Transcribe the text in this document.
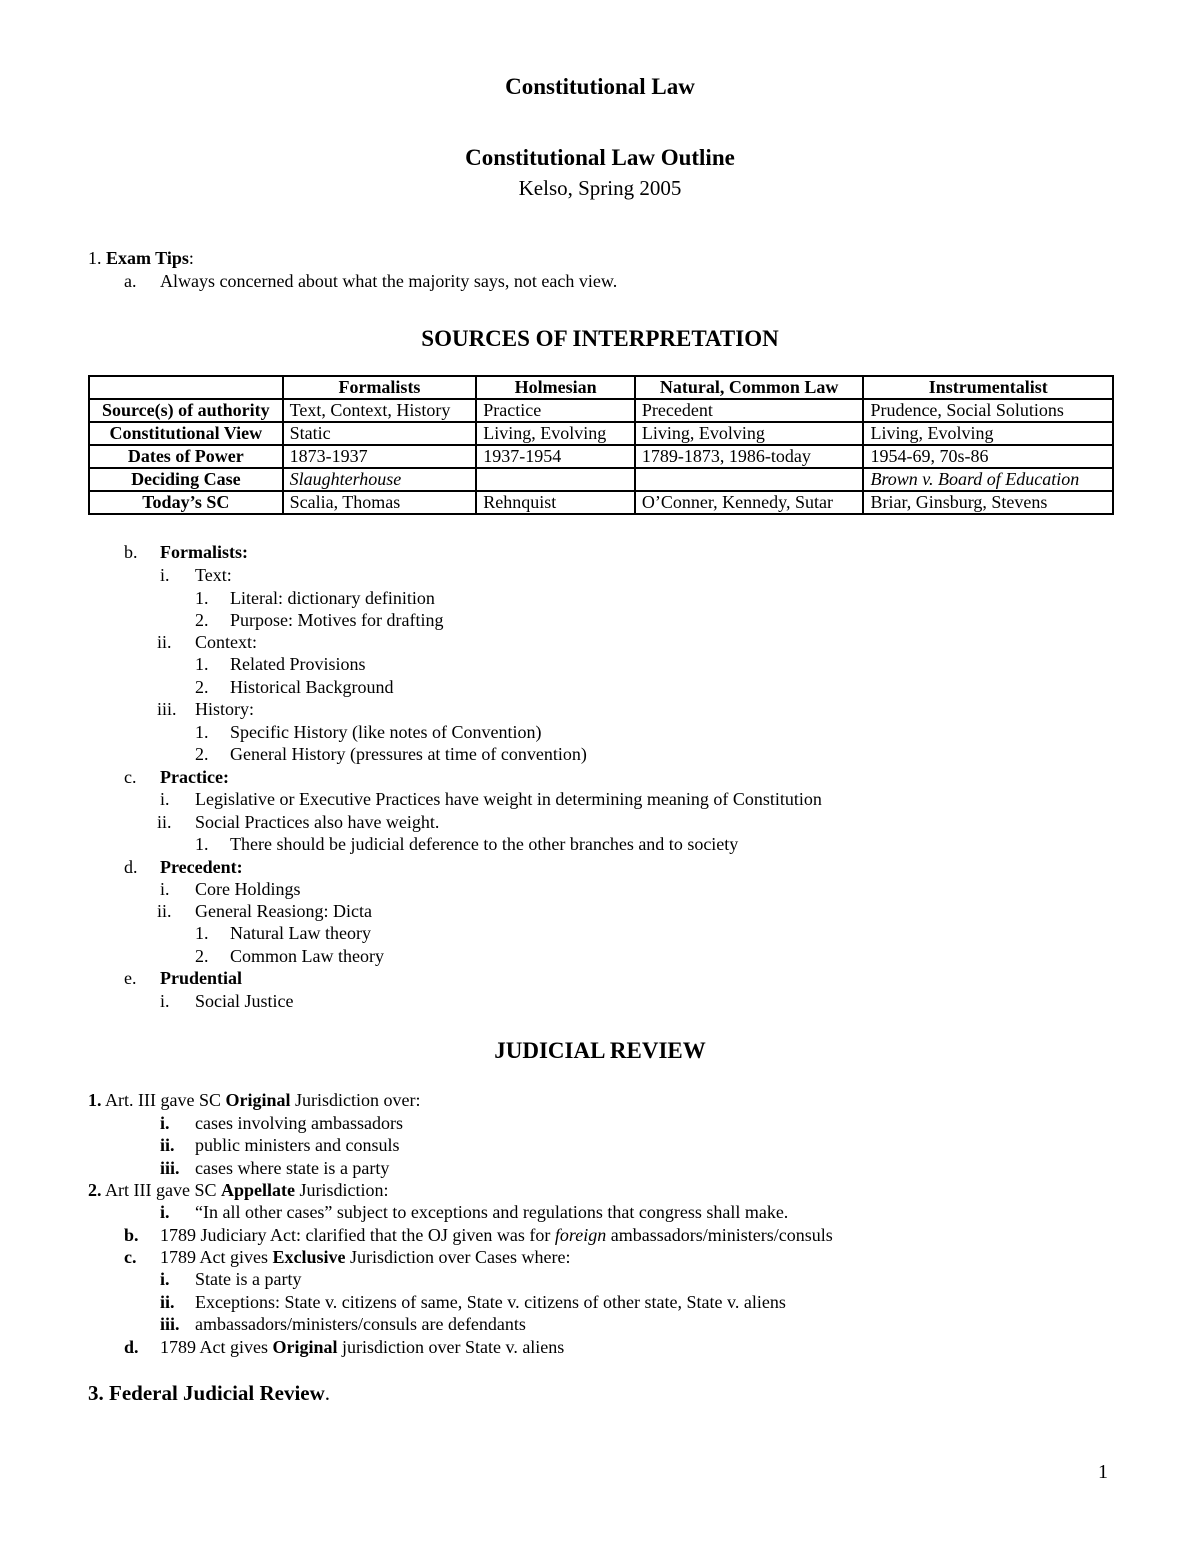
Constitutional Law
Constitutional Law Outline
Kelso, Spring 2005
1. Exam Tips:
a. Always concerned about what the majority says, not each view.
SOURCES OF INTERPRETATION
	Formalists	Holmesian	Natural, Common Law	Instrumentalist
Source(s) of authority	Text, Context, History	Practice	Precedent	Prudence, Social Solutions
Constitutional View	Static	Living, Evolving	Living, Evolving	Living, Evolving
Dates of Power	1873-1937	1937-1954	1789-1873, 1986-today	1954-69, 70s-86
Deciding Case	Slaughterhouse			Brown v. Board of Education
Today’s SC	Scalia, Thomas	Rehnquist	O’Conner, Kennedy, Sutar	Briar, Ginsburg, Stevens
b. Formalists:
i. Text:
1. Literal: dictionary definition
2. Purpose: Motives for drafting
ii. Context:
1. Related Provisions
2. Historical Background
iii. History:
1. Specific History (like notes of Convention)
2. General History (pressures at time of convention)
c. Practice:
i. Legislative or Executive Practices have weight in determining meaning of Constitution
ii. Social Practices also have weight.
1. There should be judicial deference to the other branches and to society
d. Precedent:
i. Core Holdings
ii. General Reasiong: Dicta
1. Natural Law theory
2. Common Law theory
e. Prudential
i. Social Justice
JUDICIAL REVIEW
1. Art. III gave SC Original Jurisdiction over:
i. cases involving ambassadors
ii. public ministers and consuls
iii. cases where state is a party
2. Art III gave SC Appellate Jurisdiction:
i. “In all other cases” subject to exceptions and regulations that congress shall make.
b. 1789 Judiciary Act: clarified that the OJ given was for foreign ambassadors/ministers/consuls
c. 1789 Act gives Exclusive Jurisdiction over Cases where:
i. State is a party
ii. Exceptions: State v. citizens of same, State v. citizens of other state, State v. aliens
iii. ambassadors/ministers/consuls are defendants
d. 1789 Act gives Original jurisdiction over State v. aliens
3. Federal Judicial Review.
1
